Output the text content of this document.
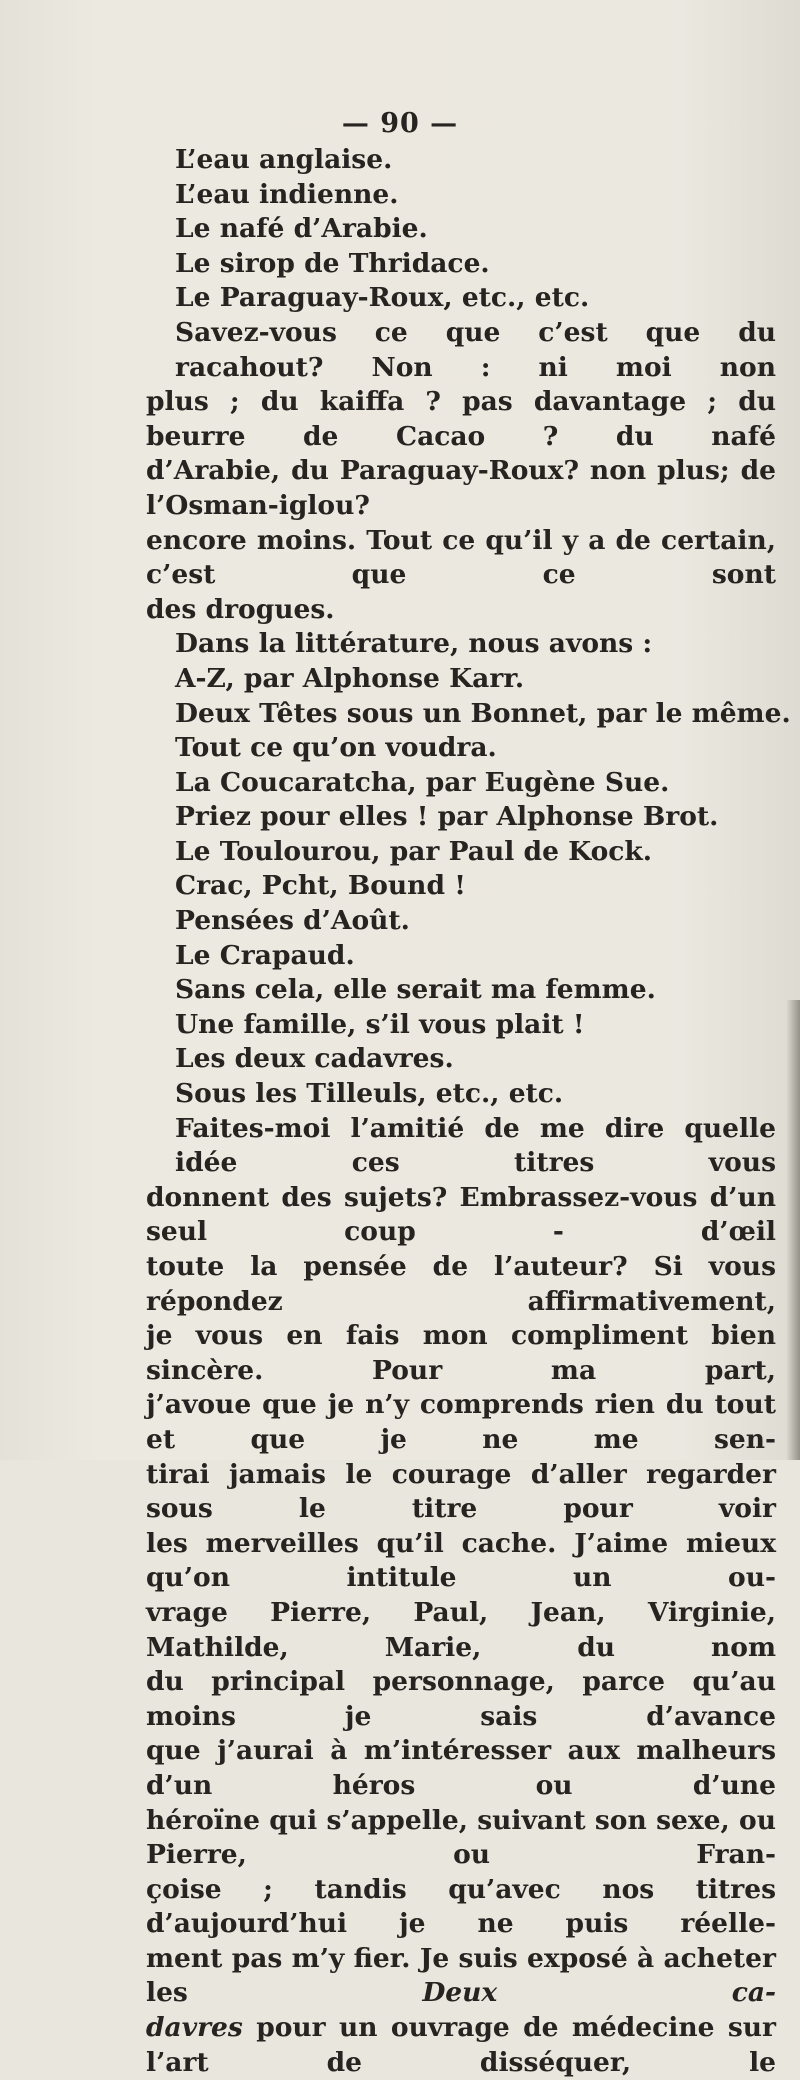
— 90 —
L’eau anglaise.
L’eau indienne.
Le nafé d’Arabie.
Le sirop de Thridace.
Le Paraguay-Roux, etc., etc.
Savez-vous ce que c’est que du racahout? Non : ni moi non
plus ; du kaiffa ? pas davantage ; du beurre de Cacao ? du nafé
d’Arabie, du Paraguay-Roux? non plus; de l’Osman-iglou?
encore moins. Tout ce qu’il y a de certain, c’est que ce sont
des drogues.
Dans la littérature, nous avons :
A-Z, par Alphonse Karr.
Deux Têtes sous un Bonnet, par le même.
Tout ce qu’on voudra.
La Coucaratcha, par Eugène Sue.
Priez pour elles ! par Alphonse Brot.
Le Toulourou, par Paul de Kock.
Crac, Pcht, Bound !
Pensées d’Août.
Le Crapaud.
Sans cela, elle serait ma femme.
Une famille, s’il vous plait !
Les deux cadavres.
Sous les Tilleuls, etc., etc.
Faites-moi l’amitié de me dire quelle idée ces titres vous
donnent des sujets? Embrassez-vous d’un seul coup - d’œil
toute la pensée de l’auteur? Si vous répondez affirmativement,
je vous en fais mon compliment bien sincère. Pour ma part,
j’avoue que je n’y comprends rien du tout et que je ne me sen-
tirai jamais le courage d’aller regarder sous le titre pour voir
les merveilles qu’il cache. J’aime mieux qu’on intitule un ou-
vrage Pierre, Paul, Jean, Virginie, Mathilde, Marie, du nom
du principal personnage, parce qu’au moins je sais d’avance
que j’aurai à m’intéresser aux malheurs d’un héros ou d’une
héroïne qui s’appelle, suivant son sexe, ou Pierre, ou Fran-
çoise ; tandis qu’avec nos titres d’aujourd’hui je ne puis réelle-
ment pas m’y fier. Je suis exposé à acheter les	Deux ca-
davres pour un ouvrage de médecine sur l’art de disséquer, le
